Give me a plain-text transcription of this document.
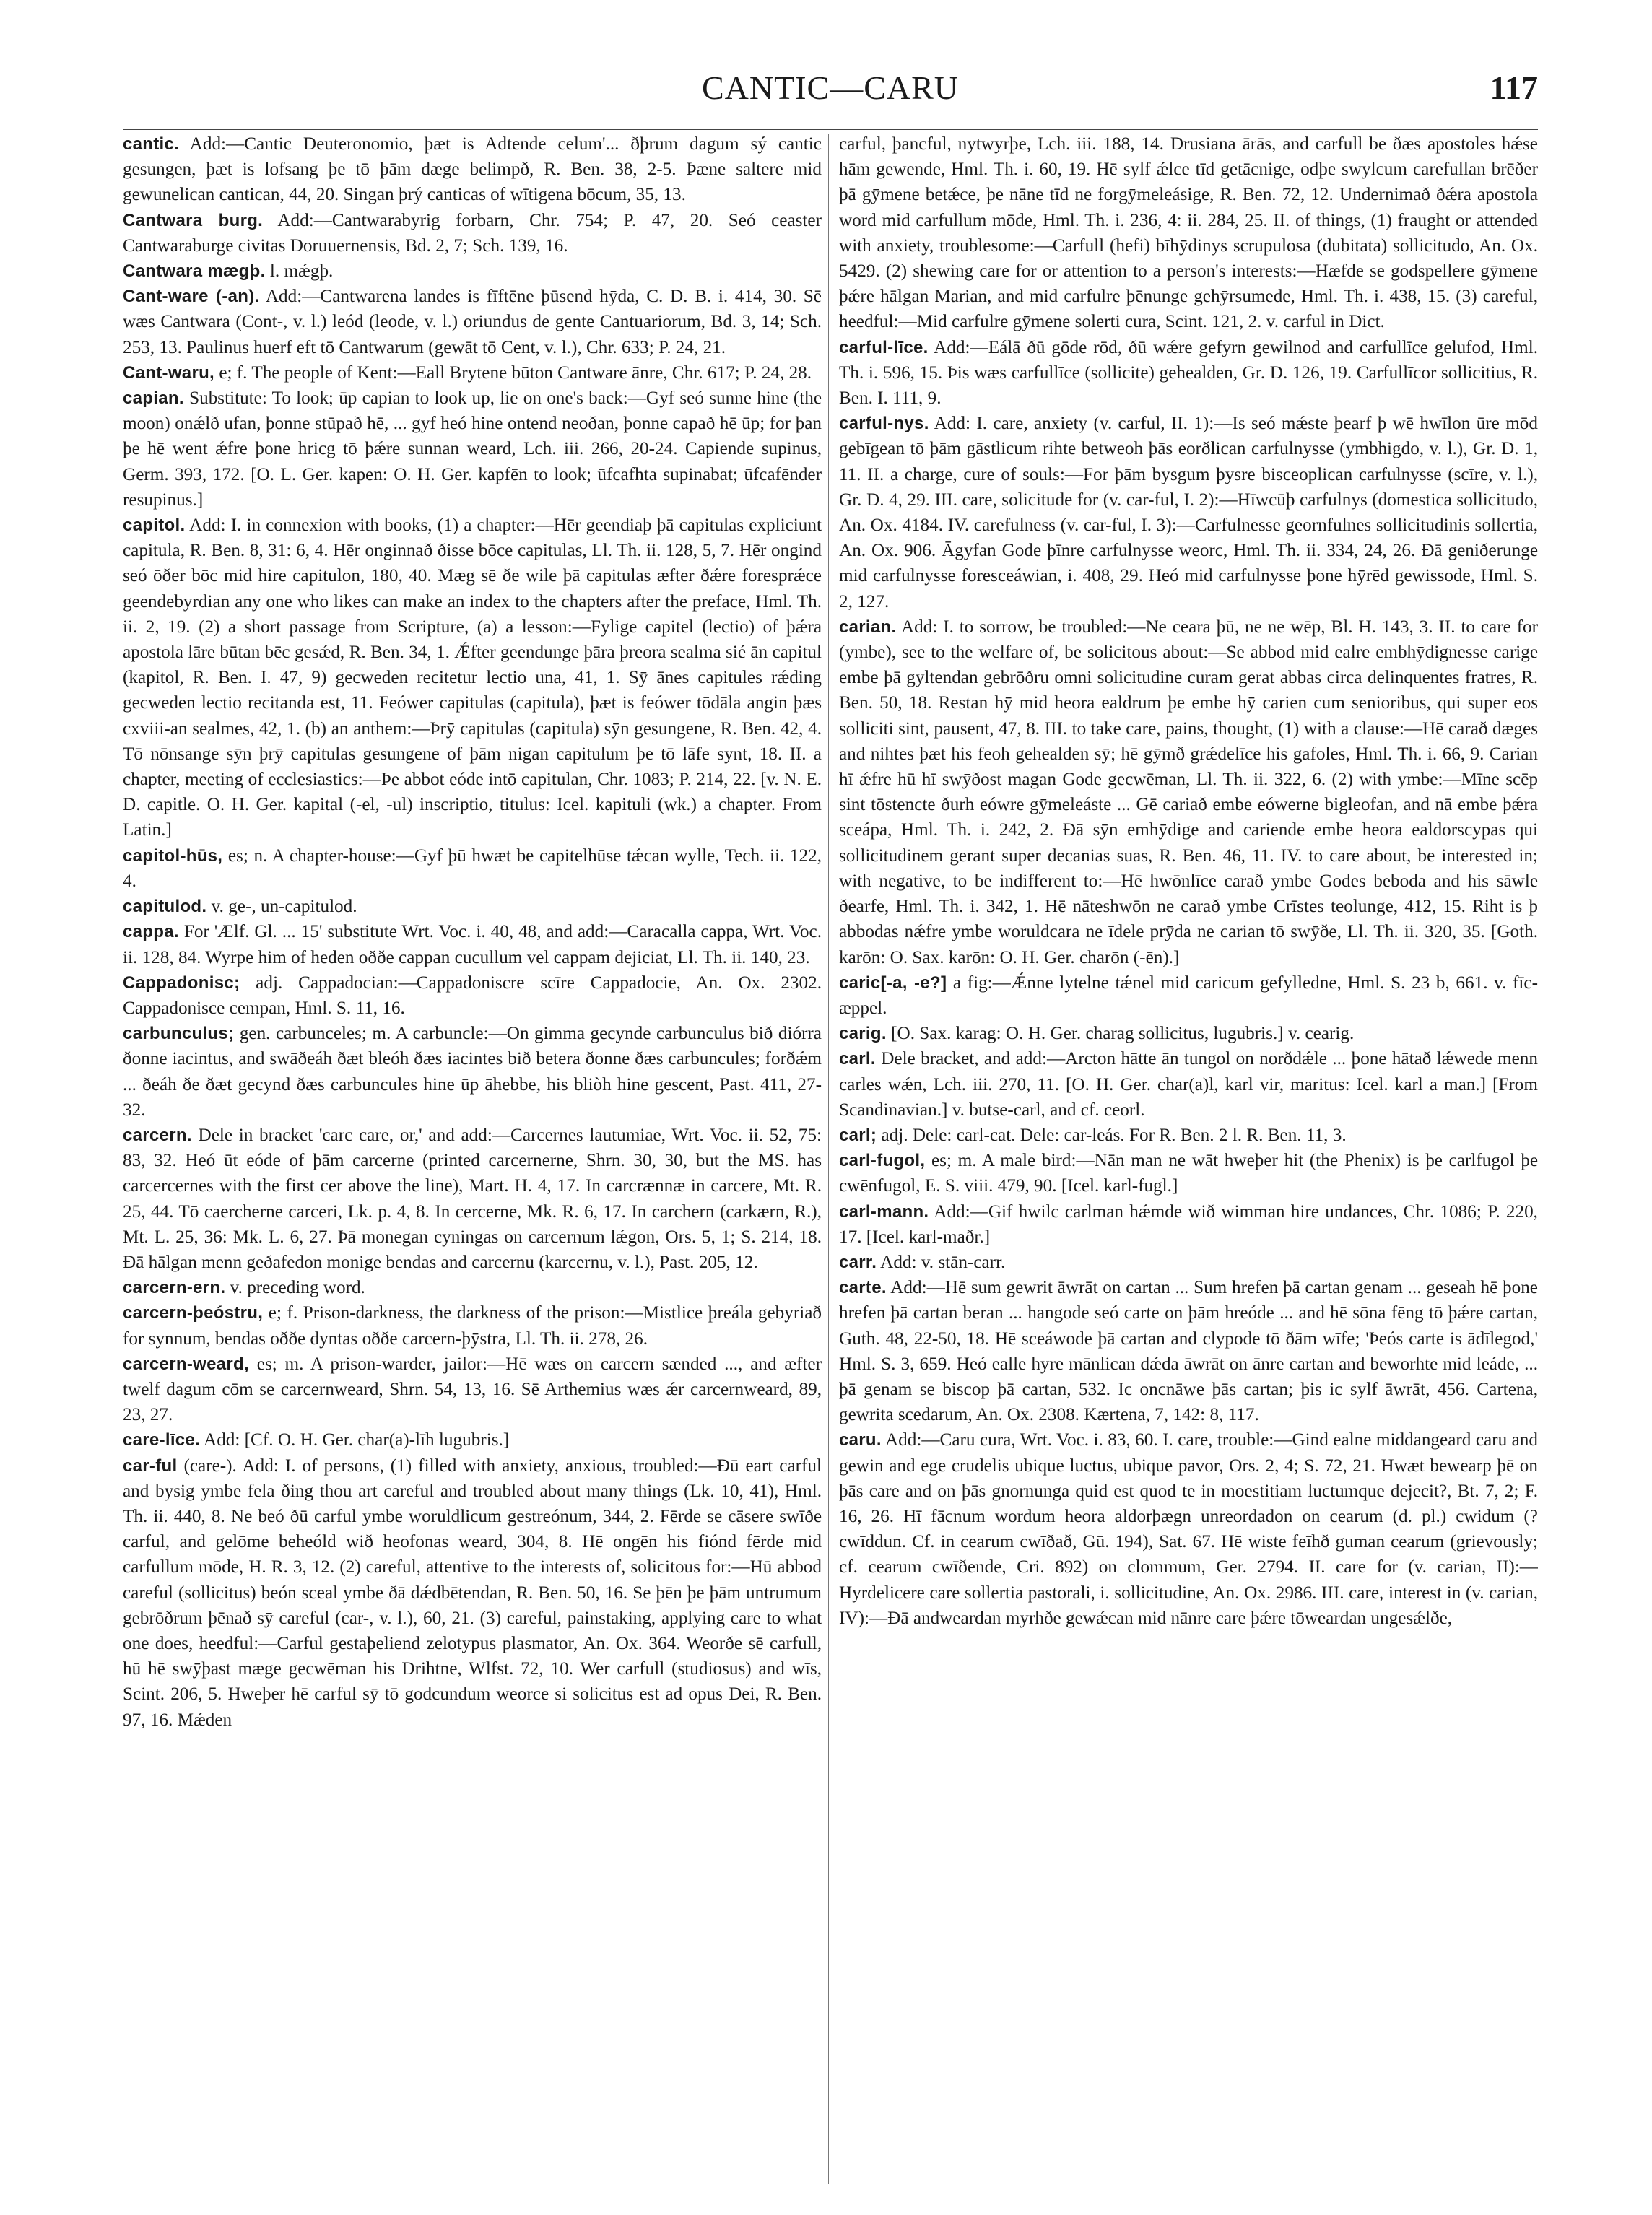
CANTIC—CARU	117

cantic. Add:—Cantic Deuteronomio, þæt is Adtende celum'... ðþrum dagum sý cantic gesungen, þæt is lofsang þe tō þām dæge belimpð, R. Ben. 38, 2-5. Þæne saltere mid gewunelican cantican, 44, 20. Singan þrý canticas of wītigena bōcum, 35, 13.

Cantwara burg. Add:—Cantwarabyrig forbarn, Chr. 754; P. 47, 20. Seó ceaster Cantwaraburge civitas Doruuernensis, Bd. 2, 7; Sch. 139, 16.

Cantwara mægþ. l. mǽgþ.

Cant-ware (-an). Add:—Cantwarena landes is fīftēne þūsend hȳda, C. D. B. i. 414, 30. Sē wæs Cantwara (Cont-, v. l.) leód (leode, v. l.) oriundus de gente Cantuariorum, Bd. 3, 14; Sch. 253, 13. Paulinus huerf eft tō Cantwarum (gewāt tō Cent, v. l.), Chr. 633; P. 24, 21.

Cant-waru, e; f. The people of Kent:—Eall Brytene būton Cantware ānre, Chr. 617; P. 24, 28.

capian. Substitute: To look; ūp capian to look up, lie on one's back:—Gyf seó sunne hine (the moon) onǽlð ufan, þonne stūpað hē, ... gyf heó hine ontend neoðan, þonne capað hē ūp; for þan þe hē went ǽfre þone hricg tō þǽre sunnan weard, Lch. iii. 266, 20-24. Capiende supinus, Germ. 393, 172. [O. L. Ger. kapen: O. H. Ger. kapfēn to look; ūfcafhta supinabat; ūfcafēnder resupinus.]

capitol. Add: I. in connexion with books, (1) a chapter:—Hēr geendiaþ þā capitulas expliciunt capitula, R. Ben. 8, 31: 6, 4. Hēr onginnað ðisse bōce capitulas, Ll. Th. ii. 128, 5, 7. Hēr ongind seó ōðer bōc mid hire capitulon, 180, 40. Mæg sē ðe wile þā capitulas æfter ðǽre foresprǽce geendebyrdian any one who likes can make an index to the chapters after the preface, Hml. Th. ii. 2, 19. (2) a short passage from Scripture, (a) a lesson:—Fylige capitel (lectio) of þǽra apostola lāre būtan bēc gesǽd, R. Ben. 34, 1. Ǽfter geendunge þāra þreora sealma sié ān capitul (kapitol, R. Ben. I. 47, 9) gecweden recitetur lectio una, 41, 1. Sȳ ānes capitules rǽding gecweden lectio recitanda est, 11. Feówer capitulas (capitula), þæt is feówer tōdāla angin þæs cxviii-an sealmes, 42, 1. (b) an anthem:—Þrȳ capitulas (capitula) sȳn gesungene, R. Ben. 42, 4. Tō nōnsange sȳn þrȳ capitulas gesungene of þām nigan capitulum þe tō lāfe synt, 18. II. a chapter, meeting of ecclesiastics:—Þe abbot eóde intō capitulan, Chr. 1083; P. 214, 22. [v. N. E. D. capitle. O. H. Ger. kapital (-el, -ul) inscriptio, titulus: Icel. kapituli (wk.) a chapter. From Latin.]

capitol-hūs, es; n. A chapter-house:—Gyf þū hwæt be capitelhūse tǽcan wylle, Tech. ii. 122, 4.

capitulod. v. ge-, un-capitulod.

cappa. For 'Ælf. Gl. ... 15' substitute Wrt. Voc. i. 40, 48, and add:—Caracalla cappa, Wrt. Voc. ii. 128, 84. Wyrpe him of heden oððe cappan cucullum vel cappam dejiciat, Ll. Th. ii. 140, 23.

Cappadonisc; adj. Cappadocian:—Cappadoniscre scīre Cappadocie, An. Ox. 2302. Cappadonisce cempan, Hml. S. 11, 16.

carbunculus; gen. carbunceles; m. A carbuncle:—On gimma gecynde carbunculus bið diórra ðonne iacintus, and swāðeáh ðæt bleóh ðæs iacintes bið betera ðonne ðæs carbuncules; forðǽm ... ðeáh ðe ðæt gecynd ðæs carbuncules hine ūp āhebbe, his bliòh hine gescent, Past. 411, 27-32.

carcern. Dele in bracket 'carc care, or,' and add:—Carcernes lautumiae, Wrt. Voc. ii. 52, 75: 83, 32. Heó ūt eóde of þām carcerne (printed carcernerne, Shrn. 30, 30, but the MS. has carcercernes with the first cer above the line), Mart. H. 4, 17. In carcrænnæ in carcere, Mt. R. 25, 44. Tō caercherne carceri, Lk. p. 4, 8. In cercerne, Mk. R. 6, 17. In carchern (carkærn, R.), Mt. L. 25, 36: Mk. L. 6, 27. Þā monegan cyningas on carcernum lǽgon, Ors. 5, 1; S. 214, 18. Ðā hālgan menn geðafedon monige bendas and carcernu (karcernu, v. l.), Past. 205, 12.

carcern-ern. v. preceding word.

carcern-þeóstru, e; f. Prison-darkness, the darkness of the prison:—Mistlice þreála gebyriað for synnum, bendas oððe dyntas oððe carcern-þȳstra, Ll. Th. ii. 278, 26.

carcern-weard, es; m. A prison-warder, jailor:—Hē wæs on carcern sænded ..., and æfter twelf dagum cōm se carcernweard, Shrn. 54, 13, 16. Sē Arthemius wæs ǽr carcernweard, 89, 23, 27.

care-līce. Add: [Cf. O. H. Ger. char(a)-līh lugubris.]

car-ful (care-). Add: I. of persons, (1) filled with anxiety, anxious, troubled:—Ðū eart carful and bysig ymbe fela ðing thou art careful and troubled about many things (Lk. 10, 41), Hml. Th. ii. 440, 8. Ne beó ðū carful ymbe woruldlicum gestreónum, 344, 2. Fērde se cāsere swīðe carful, and gelōme beheóld wið heofonas weard, 304, 8. Hē ongēn his fiónd fērde mid carfullum mōde, H. R. 3, 12. (2) careful, attentive to the interests of, solicitous for:—Hū abbod careful (sollicitus) beón sceal ymbe ðā dǽdbētendan, R. Ben. 50, 16. Se þēn þe þām untrumum gebrōðrum þēnað sȳ careful (car-, v. l.), 60, 21. (3) careful, painstaking, applying care to what one does, heedful:—Carful gestaþeliend zelotypus plasmator, An. Ox. 364. Weorðe sē carfull, hū hē swȳþast mæge gecwēman his Drihtne, Wlfst. 72, 10. Wer carfull (studiosus) and wīs, Scint. 206, 5. Hweþer hē carful sȳ tō godcundum weorce si solicitus est ad opus Dei, R. Ben. 97, 16. Mǽden

carful, þancful, nytwyrþe, Lch. iii. 188, 14. Drusiana ārās, and carfull be ðæs apostoles hǽse hām gewende, Hml. Th. i. 60, 19. Hē sylf ǽlce tīd getācnige, odþe swylcum carefullan brēðer þā gȳmene betǽce, þe nāne tīd ne forgȳmeleásige, R. Ben. 72, 12. Undernimað ðǽra apostola word mid carfullum mōde, Hml. Th. i. 236, 4: ii. 284, 25. II. of things, (1) fraught or attended with anxiety, troublesome:—Carfull (hefi) bīhȳdinys scrupulosa (dubitata) sollicitudo, An. Ox. 5429. (2) shewing care for or attention to a person's interests:—Hæfde se godspellere gȳmene þǽre hālgan Marian, and mid carfulre þēnunge gehȳrsumede, Hml. Th. i. 438, 15. (3) careful, heedful:—Mid carfulre gȳmene solerti cura, Scint. 121, 2. v. carful in Dict.

carful-līce. Add:—Eálā ðū gōde rōd, ðū wǽre gefyrn gewilnod and carfullīce gelufod, Hml. Th. i. 596, 15. Þis wæs carfullīce (sollicite) gehealden, Gr. D. 126, 19. Carfullīcor sollicitius, R. Ben. I. 111, 9.

carful-nys. Add: I. care, anxiety (v. carful, II. 1):—Is seó mǽste þearf þ wē hwīlon ūre mōd gebīgean tō þām gāstlicum rihte betweoh þās eorðlican carfulnysse (ymbhigdo, v. l.), Gr. D. 1, 11. II. a charge, cure of souls:—For þām bysgum þysre bisceoplican carfulnysse (scīre, v. l.), Gr. D. 4, 29. III. care, solicitude for (v. car-ful, I. 2):—Hīwcūþ carfulnys (domestica sollicitudo, An. Ox. 4184. IV. carefulness (v. car-ful, I. 3):—Carfulnesse geornfulnes sollicitudinis sollertia, An. Ox. 906. Āgyfan Gode þīnre carfulnysse weorc, Hml. Th. ii. 334, 24, 26. Ðā geniðerunge mid carfulnysse foresceáwian, i. 408, 29. Heó mid carfulnysse þone hȳrēd gewissode, Hml. S. 2, 127.

carian. Add: I. to sorrow, be troubled:—Ne ceara þū, ne ne wēp, Bl. H. 143, 3. II. to care for (ymbe), see to the welfare of, be solicitous about:—Se abbod mid ealre embhȳdignesse carige embe þā gyltendan gebrōðru omni solicitudine curam gerat abbas circa delinquentes fratres, R. Ben. 50, 18. Restan hȳ mid heora ealdrum þe embe hȳ carien cum senioribus, qui super eos solliciti sint, pausent, 47, 8. III. to take care, pains, thought, (1) with a clause:—Hē carað dæges and nihtes þæt his feoh gehealden sȳ; hē gȳmð grǽdelīce his gafoles, Hml. Th. i. 66, 9. Carian hī ǽfre hū hī swȳðost magan Gode gecwēman, Ll. Th. ii. 322, 6. (2) with ymbe:—Mīne scēp sint tōstencte ðurh eówre gȳmeleáste ... Gē cariað embe eówerne bigleofan, and nā embe þǽra sceápa, Hml. Th. i. 242, 2. Ðā sȳn emhȳdige and cariende embe heora ealdorscypas qui sollicitudinem gerant super decanias suas, R. Ben. 46, 11. IV. to care about, be interested in; with negative, to be indifferent to:—Hē hwōnlīce carað ymbe Godes beboda and his sāwle ðearfe, Hml. Th. i. 342, 1. Hē nāteshwōn ne carað ymbe Crīstes teolunge, 412, 15. Riht is þ abbodas nǽfre ymbe woruldcara ne īdele prȳda ne carian tō swȳðe, Ll. Th. ii. 320, 35. [Goth. karōn: O. Sax. karōn: O. H. Ger. charōn (-ēn).]

caric[-a, -e?] a fig:—Ǽnne lytelne tǽnel mid caricum gefylledne, Hml. S. 23 b, 661. v. fīc-æppel.

carig. [O. Sax. karag: O. H. Ger. charag sollicitus, lugubris.] v. cearig.

carl. Dele bracket, and add:—Arcton hātte ān tungol on norðdǽle ... þone hātað lǽwede menn carles wǽn, Lch. iii. 270, 11. [O. H. Ger. char(a)l, karl vir, maritus: Icel. karl a man.] [From Scandinavian.] v. butse-carl, and cf. ceorl.

carl; adj. Dele: carl-cat. Dele: car-leás. For R. Ben. 2 l. R. Ben. 11, 3.

carl-fugol, es; m. A male bird:—Nān man ne wāt hweþer hit (the Phenix) is þe carlfugol þe cwēnfugol, E. S. viii. 479, 90. [Icel. karl-fugl.]

carl-mann. Add:—Gif hwilc carlman hǽmde wið wimman hire undances, Chr. 1086; P. 220, 17. [Icel. karl-maðr.]

carr. Add: v. stān-carr.

carte. Add:—Hē sum gewrit āwrāt on cartan ... Sum hrefen þā cartan genam ... geseah hē þone hrefen þā cartan beran ... hangode seó carte on þām hreóde ... and hē sōna fēng tō þǽre cartan, Guth. 48, 22-50, 18. Hē sceáwode þā cartan and clypode tō ðām wīfe; 'Þeós carte is ādīlegod,' Hml. S. 3, 659. Heó ealle hyre mānlican dǽda āwrāt on ānre cartan and beworhte mid leáde, ... þā genam se biscop þā cartan, 532. Ic oncnāwe þās cartan; þis ic sylf āwrāt, 456. Cartena, gewrita scedarum, An. Ox. 2308. Kærtena, 7, 142: 8, 117.

caru. Add:—Caru cura, Wrt. Voc. i. 83, 60. I. care, trouble:—Gind ealne middangeard caru and gewin and ege crudelis ubique luctus, ubique pavor, Ors. 2, 4; S. 72, 21. Hwæt bewearp þē on þās care and on þās gnornunga quid est quod te in moestitiam luctumque dejecit?, Bt. 7, 2; F. 16, 26. Hī fācnum wordum heora aldorþægn unreordadon on cearum (d. pl.) cwidum (?cwīddun. Cf. in cearum cwīðað, Gū. 194), Sat. 67. Hē wiste feīhð guman cearum (grievously; cf. cearum cwīðende, Cri. 892) on clommum, Ger. 2794. II. care for (v. carian, II):—Hyrdelicere care sollertia pastorali, i. sollicitudine, An. Ox. 2986. III. care, interest in (v. carian, IV):—Ðā andweardan myrhðe gewǽcan mid nānre care þǽre tōweardan ungesǽlðe,
